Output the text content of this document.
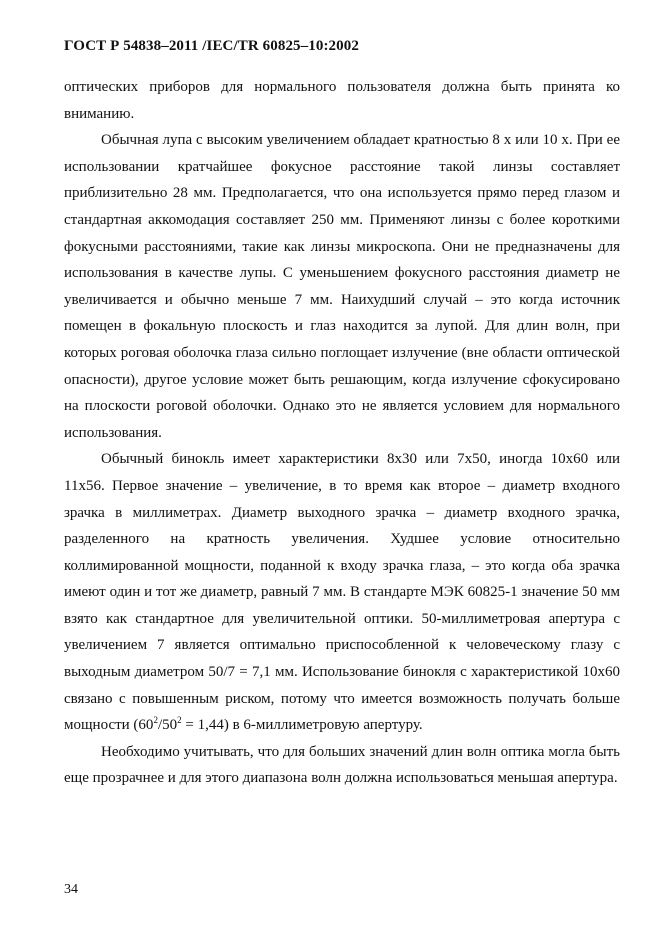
ГОСТ Р 54838–2011 /IEC/TR 60825–10:2002

оптических приборов для нормального пользователя должна быть принята ко вниманию.

Обычная лупа с высоким увеличением обладает кратностью 8 х или 10 х. При ее использовании кратчайшее фокусное расстояние такой линзы составляет приблизительно 28 мм. Предполагается, что она используется прямо перед глазом и стандартная аккомодация составляет 250 мм. Применяют линзы с более короткими фокусными расстояниями, такие как линзы микроскопа. Они не предназначены для использования в качестве лупы. С уменьшением фокусного расстояния диаметр не увеличивается и обычно меньше 7 мм. Наихудший случай – это когда источник помещен в фокальную плоскость и глаз находится за лупой. Для длин волн, при которых роговая оболочка глаза сильно поглощает излучение (вне области оптической опасности), другое условие может быть решающим, когда излучение сфокусировано на плоскости роговой оболочки. Однако это не является условием для нормального использования.

Обычный бинокль имеет характеристики 8х30 или 7х50, иногда 10х60 или 11х56. Первое значение – увеличение, в то время как второе – диаметр входного зрачка в миллиметрах. Диаметр выходного зрачка – диаметр входного зрачка, разделенного на кратность увеличения. Худшее условие относительно коллимированной мощности, поданной к входу зрачка глаза, – это когда оба зрачка имеют один и тот же диаметр, равный 7 мм. В стандарте МЭК 60825-1 значение 50 мм взято как стандартное для увеличительной оптики. 50-миллиметровая апертура с увеличением 7 является оптимально приспособленной к человеческому глазу с выходным диаметром 50/7 = 7,1 мм. Использование бинокля с характеристикой 10х60 связано с повышенным риском, потому что имеется возможность получать больше мощности $(60^2/50^2 = 1,44)$ в 6-миллиметровую апертуру.

Необходимо учитывать, что для больших значений длин волн оптика могла быть еще прозрачнее и для этого диапазона волн должна использоваться меньшая апертура.

34
